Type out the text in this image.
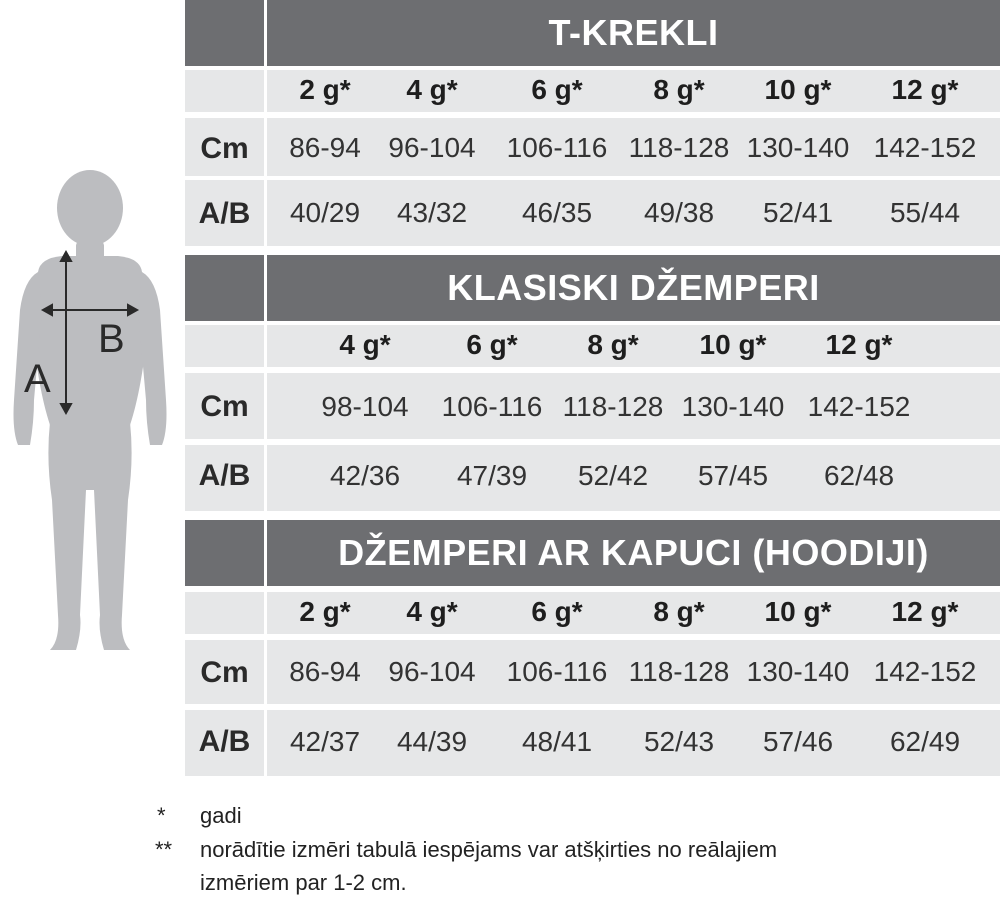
A
B
T-KREKLI
2 g* 4 g*	6 g*	8 g* 10 g* 12 g*
Cm	86-94 96-104 106-116 118-128 130-140 142-152
A/B	40/29 43/32 46/35 49/38 52/41 55/44
KLASISKI DŽEMPERI
4 g*	6 g* 8 g* 10 g* 12 g*
Cm	98-104 106-116 118-128 130-140 142-152
A/B	42/36 47/39 52/42 57/45 62/48
DŽEMPERI AR KAPUCI (HOODIJI)
2 g* 4 g*	6 g*	8 g* 10 g* 12 g*
Cm	86-94 96-104 106-116 118-128 130-140 142-152
A/B	42/37 44/39 48/41 52/43 57/46 62/49
* gadi
** norādītie izmēri tabulā iespējams var atšķirties no reālajiem
izmēriem par 1-2 cm.
